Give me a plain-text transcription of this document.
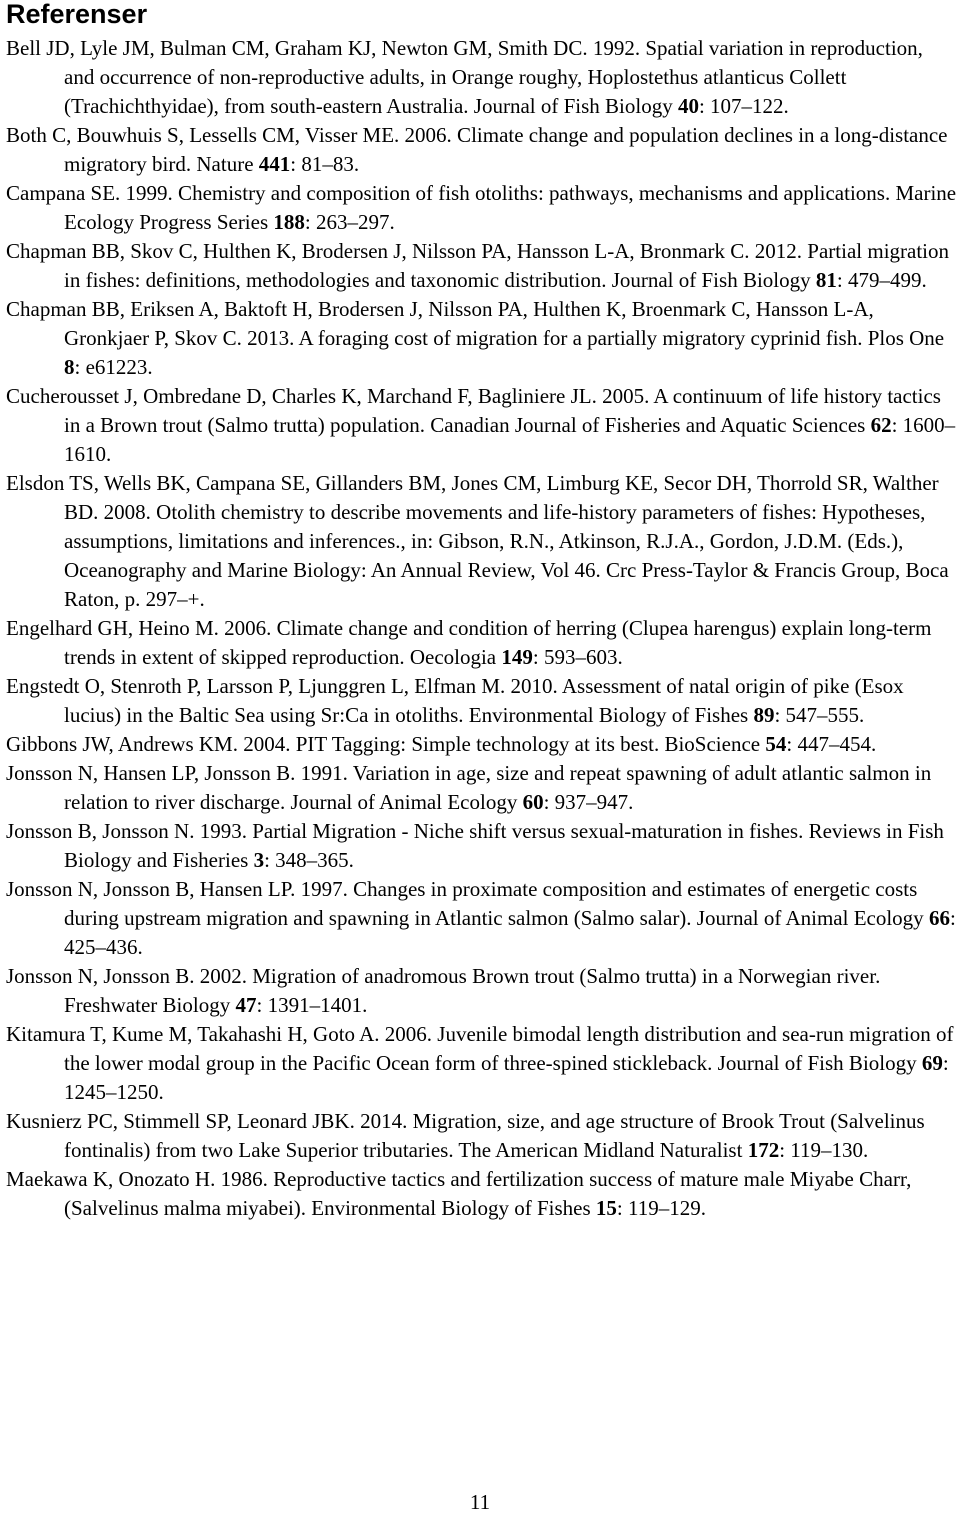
Referenser

Bell JD, Lyle JM, Bulman CM, Graham KJ, Newton GM, Smith DC. 1992. Spatial variation in reproduction, and occurrence of non-reproductive adults, in Orange roughy, Hoplostethus atlanticus Collett (Trachichthyidae), from south-eastern Australia. Journal of Fish Biology 40: 107–122.

Both C, Bouwhuis S, Lessells CM, Visser ME. 2006. Climate change and population declines in a long-distance migratory bird. Nature 441: 81–83.

Campana SE. 1999. Chemistry and composition of fish otoliths: pathways, mechanisms and applications. Marine Ecology Progress Series 188: 263–297.

Chapman BB, Skov C, Hulthen K, Brodersen J, Nilsson PA, Hansson L-A, Bronmark C. 2012. Partial migration in fishes: definitions, methodologies and taxonomic distribution. Journal of Fish Biology 81: 479–499.

Chapman BB, Eriksen A, Baktoft H, Brodersen J, Nilsson PA, Hulthen K, Broenmark C, Hansson L-A, Gronkjaer P, Skov C. 2013. A foraging cost of migration for a partially migratory cyprinid fish. Plos One 8: e61223.

Cucherousset J, Ombredane D, Charles K, Marchand F, Bagliniere JL. 2005. A continuum of life history tactics in a Brown trout (Salmo trutta) population. Canadian Journal of Fisheries and Aquatic Sciences 62: 1600–1610.

Elsdon TS, Wells BK, Campana SE, Gillanders BM, Jones CM, Limburg KE, Secor DH, Thorrold SR, Walther BD. 2008. Otolith chemistry to describe movements and life-history parameters of fishes: Hypotheses, assumptions, limitations and inferences., in: Gibson, R.N., Atkinson, R.J.A., Gordon, J.D.M. (Eds.), Oceanography and Marine Biology: An Annual Review, Vol 46. Crc Press-Taylor & Francis Group, Boca Raton, p. 297–+.

Engelhard GH, Heino M. 2006. Climate change and condition of herring (Clupea harengus) explain long-term trends in extent of skipped reproduction. Oecologia 149: 593–603.

Engstedt O, Stenroth P, Larsson P, Ljunggren L, Elfman M. 2010. Assessment of natal origin of pike (Esox lucius) in the Baltic Sea using Sr:Ca in otoliths. Environmental Biology of Fishes 89: 547–555.

Gibbons JW, Andrews KM. 2004. PIT Tagging: Simple technology at its best. BioScience 54: 447–454.

Jonsson N, Hansen LP, Jonsson B. 1991. Variation in age, size and repeat spawning of adult atlantic salmon in relation to river discharge. Journal of Animal Ecology 60: 937–947.

Jonsson B, Jonsson N. 1993. Partial Migration - Niche shift versus sexual-maturation in fishes. Reviews in Fish Biology and Fisheries 3: 348–365.

Jonsson N, Jonsson B, Hansen LP. 1997. Changes in proximate composition and estimates of energetic costs during upstream migration and spawning in Atlantic salmon (Salmo salar). Journal of Animal Ecology 66: 425–436.

Jonsson N, Jonsson B. 2002. Migration of anadromous Brown trout (Salmo trutta) in a Norwegian river. Freshwater Biology 47: 1391–1401.

Kitamura T, Kume M, Takahashi H, Goto A. 2006. Juvenile bimodal length distribution and sea-run migration of the lower modal group in the Pacific Ocean form of three-spined stickleback. Journal of Fish Biology 69: 1245–1250.

Kusnierz PC, Stimmell SP, Leonard JBK. 2014. Migration, size, and age structure of Brook Trout (Salvelinus fontinalis) from two Lake Superior tributaries. The American Midland Naturalist 172: 119–130.

Maekawa K, Onozato H. 1986. Reproductive tactics and fertilization success of mature male Miyabe Charr, (Salvelinus malma miyabei). Environmental Biology of Fishes 15: 119–129.

11
